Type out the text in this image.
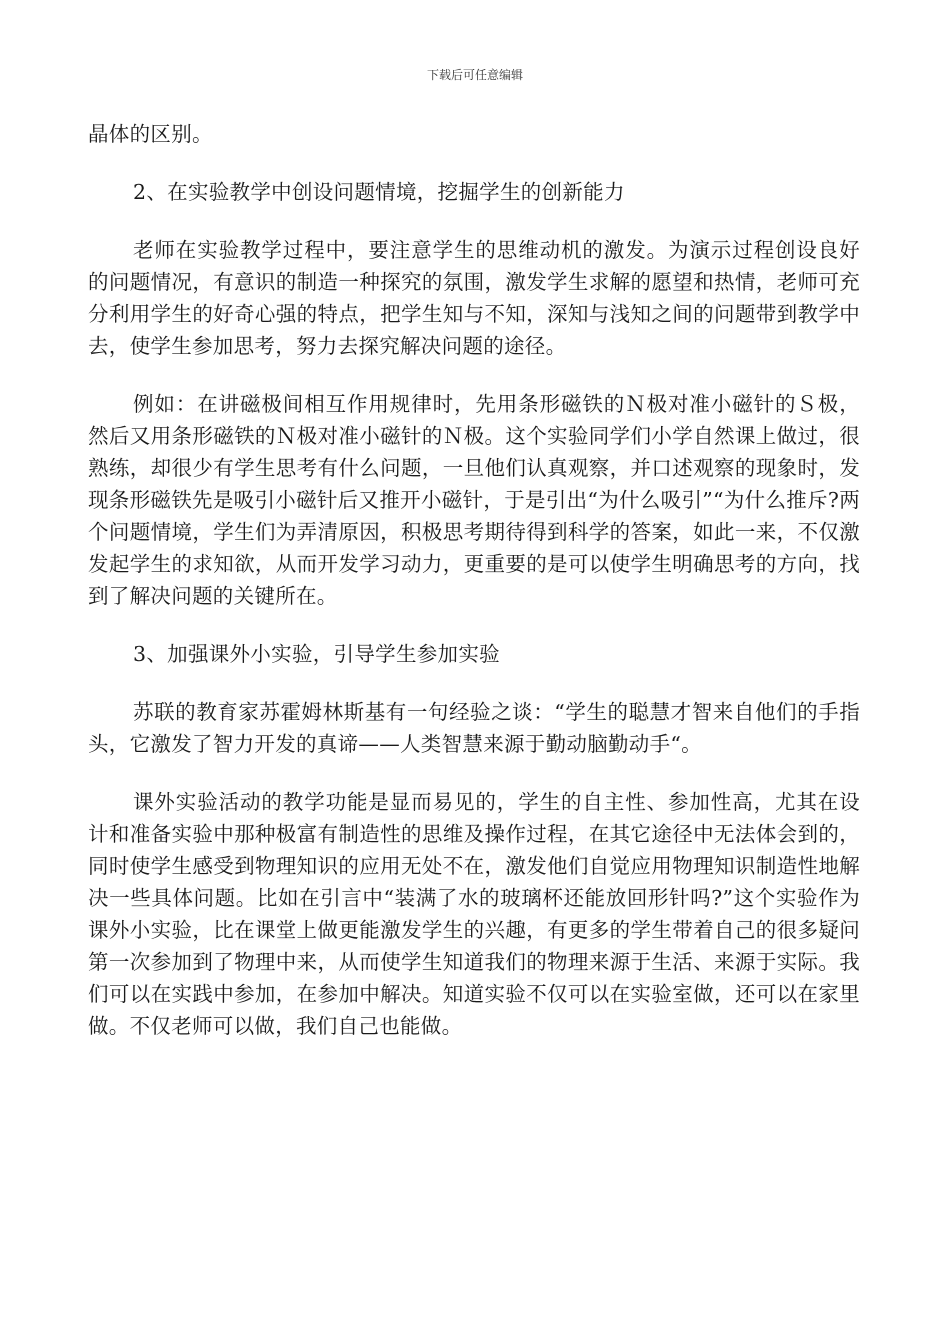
下载后可任意编辑

晶体的区别。

2、在实验教学中创设问题情境，挖掘学生的创新能力

老师在实验教学过程中，要注意学生的思维动机的激发。为演示过程创设良好的问题情况，有意识的制造一种探究的氛围，激发学生求解的愿望和热情，老师可充分利用学生的好奇心强的特点，把学生知与不知，深知与浅知之间的问题带到教学中去，使学生参加思考，努力去探究解决问题的途径。

例如：在讲磁极间相互作用规律时，先用条形磁铁的Ｎ极对准小磁针的Ｓ极，然后又用条形磁铁的Ｎ极对准小磁针的Ｎ极。这个实验同学们小学自然课上做过，很熟练，却很少有学生思考有什么问题，一旦他们认真观察，并口述观察的现象时，发现条形磁铁先是吸引小磁针后又推开小磁针，于是引出“为什么吸引”“为什么推斥?两个问题情境，学生们为弄清原因，积极思考期待得到科学的答案，如此一来，不仅激发起学生的求知欲，从而开发学习动力，更重要的是可以使学生明确思考的方向，找到了解决问题的关键所在。

3、加强课外小实验，引导学生参加实验

苏联的教育家苏霍姆林斯基有一句经验之谈：“学生的聪慧才智来自他们的手指头，它激发了智力开发的真谛——人类智慧来源于勤动脑勤动手“。

课外实验活动的教学功能是显而易见的，学生的自主性、参加性高，尤其在设计和准备实验中那种极富有制造性的思维及操作过程，在其它途径中无法体会到的，同时使学生感受到物理知识的应用无处不在，激发他们自觉应用物理知识制造性地解决一些具体问题。比如在引言中“装满了水的玻璃杯还能放回形针吗?”这个实验作为课外小实验，比在课堂上做更能激发学生的兴趣，有更多的学生带着自己的很多疑问第一次参加到了物理中来，从而使学生知道我们的物理来源于生活、来源于实际。我们可以在实践中参加，在参加中解决。知道实验不仅可以在实验室做，还可以在家里做。不仅老师可以做，我们自己也能做。
